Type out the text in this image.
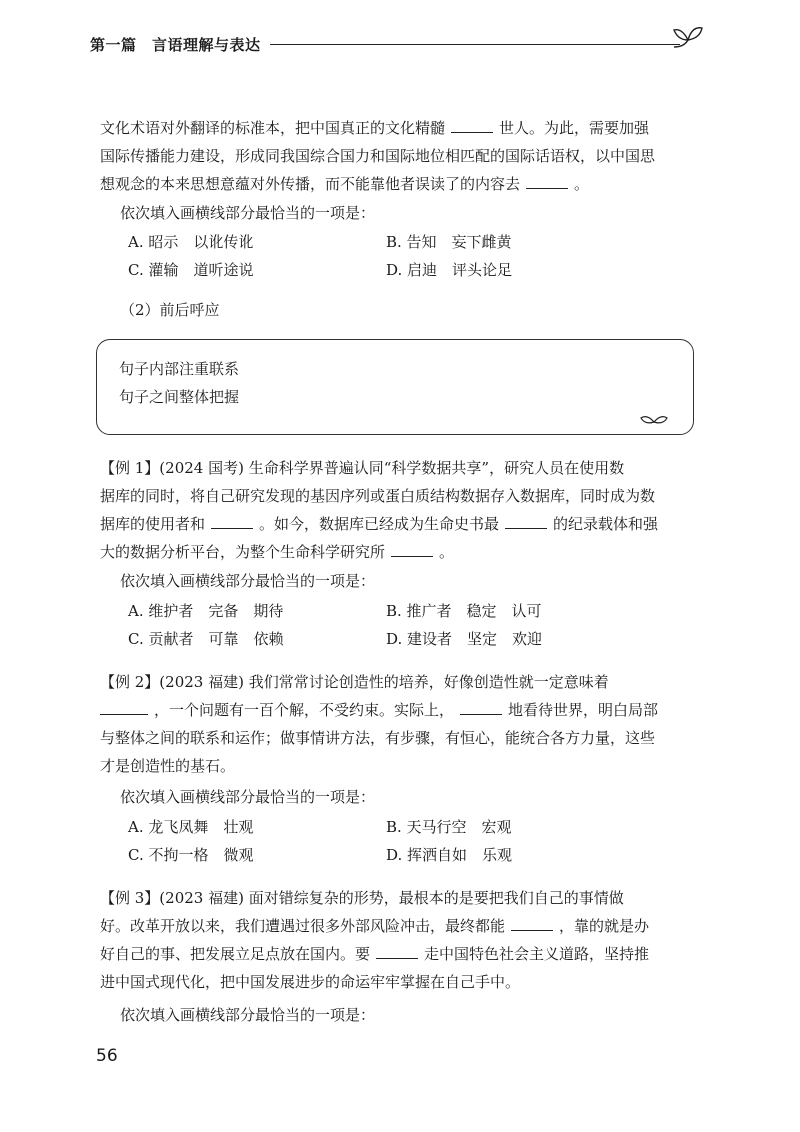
第一篇　 言语理解与表达

文化术语对外翻译的标准本，把中国真正的文化精髓	世人。为此，需要加强

国际传播能力建设，形成同我国综合国力和国际地位相匹配的国际话语权，以中国思

想观念的本来思想意蕴对外传播，而不能靠他者误读了的内容去	。

依次填入画横线部分最恰当的一项是：
A. 昭示　以讹传讹	B. 告知　妄下雌黄
C. 灌输　道听途说	D. 启迪　评头论足
（2）前后呼应
句子内部注重联系
句子之间整体把握

【例 1】(2024 国考) 生命科学界普遍认同“科学数据共享”，研究人员在使用数

据库的同时，将自己研究发现的基因序列或蛋白质结构数据存入数据库，同时成为数

据库的使用者和	。如今，数据库已经成为生命史书最	的纪录载体和强

大的数据分析平台，为整个生命科学研究所	。

依次填入画横线部分最恰当的一项是：
A. 维护者　完备　期待	B. 推广者　稳定　认可
C. 贡献者　可靠　依赖	D. 建设者　坚定　欢迎

【例 2】(2023 福建) 我们常常讨论创造性的培养，好像创造性就一定意味着

，一个问题有一百个解，不受约束。实际上，	地看待世界，明白局部

与整体之间的联系和运作；做事情讲方法，有步骤，有恒心，能统合各方力量，这些

才是创造性的基石。

依次填入画横线部分最恰当的一项是：
A. 龙飞凤舞　壮观	B. 天马行空　宏观
C. 不拘一格　微观	D. 挥洒自如　乐观

【例 3】(2023 福建) 面对错综复杂的形势，最根本的是要把我们自己的事情做

好。改革开放以来，我们遭遇过很多外部风险冲击，最终都能	，靠的就是办

好自己的事、把发展立足点放在国内。要	走中国特色社会主义道路，坚持推

进中国式现代化，把中国发展进步的命运牢牢掌握在自己手中。

依次填入画横线部分最恰当的一项是：
56
